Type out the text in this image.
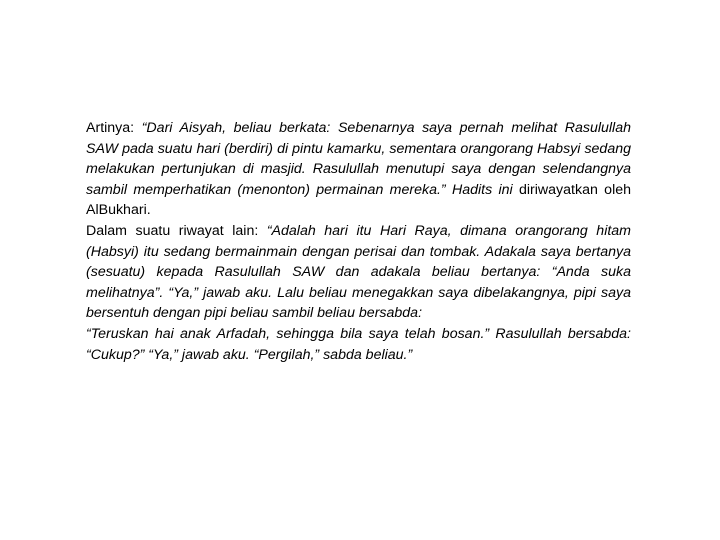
Artinya: “Dari Aisyah, beliau berkata: Sebenarnya saya pernah melihat Rasulullah SAW pada suatu hari (berdiri) di pintu kamarku, sementara orangorang Habsyi sedang melakukan pertunjukan di masjid. Rasulullah menutupi saya dengan selendangnya sambil memperhatikan (menonton) permainan mereka.” Hadits ini diriwayatkan oleh AlBukhari.

Dalam suatu riwayat lain: “Adalah hari itu Hari Raya, dimana orangorang hitam (Habsyi) itu sedang bermainmain dengan perisai dan tombak. Adakala saya bertanya (sesuatu) kepada Rasulullah SAW dan adakala beliau bertanya: “Anda suka melihatnya”. “Ya,” jawab aku. Lalu beliau menegakkan saya dibelakangnya, pipi saya bersentuh dengan pipi beliau sambil beliau bersabda:

“Teruskan hai anak Arfadah, sehingga bila saya telah bosan.” Rasulullah bersabda: “Cukup?” “Ya,” jawab aku. “Pergilah,” sabda beliau.”
